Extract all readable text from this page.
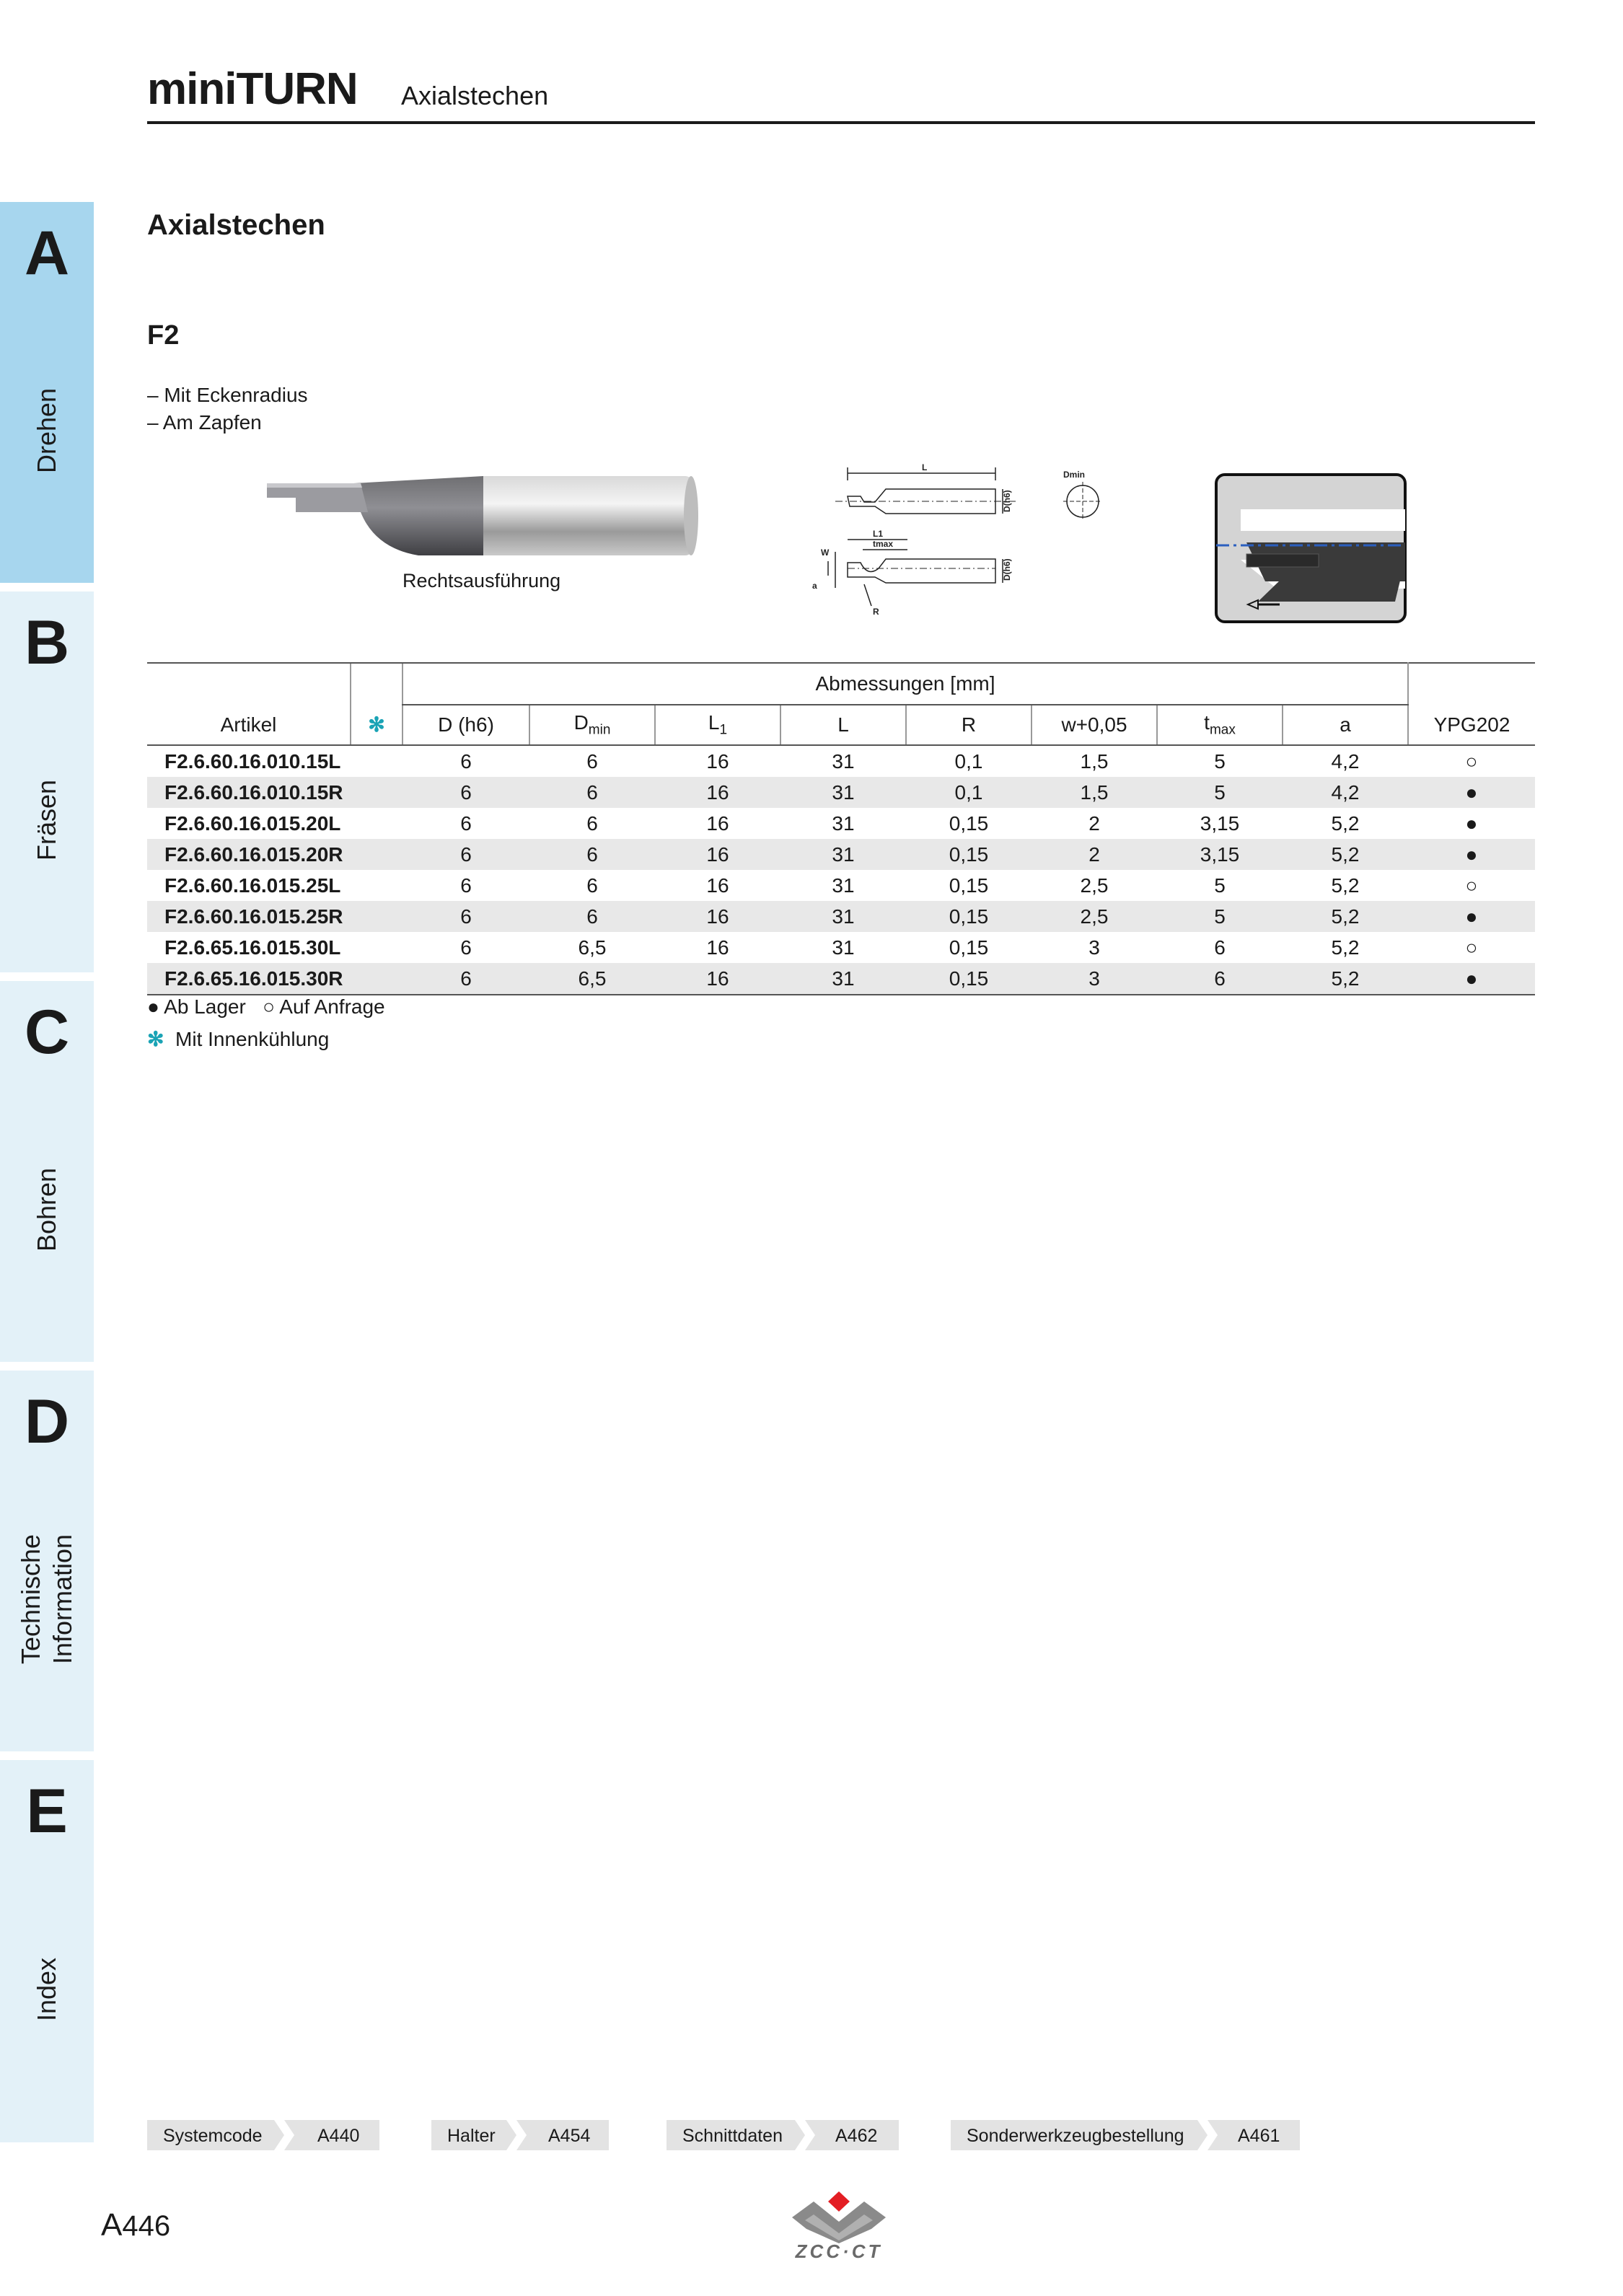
miniTURN Axialstechen
A
Drehen
B
Fräsen
C
Bohren
D
Technische
Information
E
Index
Axialstechen
F2
– Mit Eckenradius
– Am Zapfen
Rechtsausführung
L
D(h6)
Dmin
L1
tmax
W
a
R
D(h6)
		Abmessungen [mm]								
Artikel	✻	D (h6)	$D_{min}$	$L_1$	L	R	w+0,05	$t_{max}$	a	YPG202
F2.6.60.16.010.15L		6	6	16	31	0,1	1,5	5	4,2	○
F2.6.60.16.010.15R		6	6	16	31	0,1	1,5	5	4,2	●
F2.6.60.16.015.20L		6	6	16	31	0,15	2	3,15	5,2	●
F2.6.60.16.015.20R		6	6	16	31	0,15	2	3,15	5,2	●
F2.6.60.16.015.25L		6	6	16	31	0,15	2,5	5	5,2	○
F2.6.60.16.015.25R		6	6	16	31	0,15	2,5	5	5,2	●
F2.6.65.16.015.30L		6	6,5	16	31	0,15	3	6	5,2	○
F2.6.65.16.015.30R		6	6,5	16	31	0,15	3	6	5,2	●
● Ab Lager ○ Auf Anfrage
✻ Mit Innenkühlung
Systemcode	A440	Halter	A454	Schnittdaten	A462	Sonderwerkzeugbestellung	A461
A446
ZCC·CT
